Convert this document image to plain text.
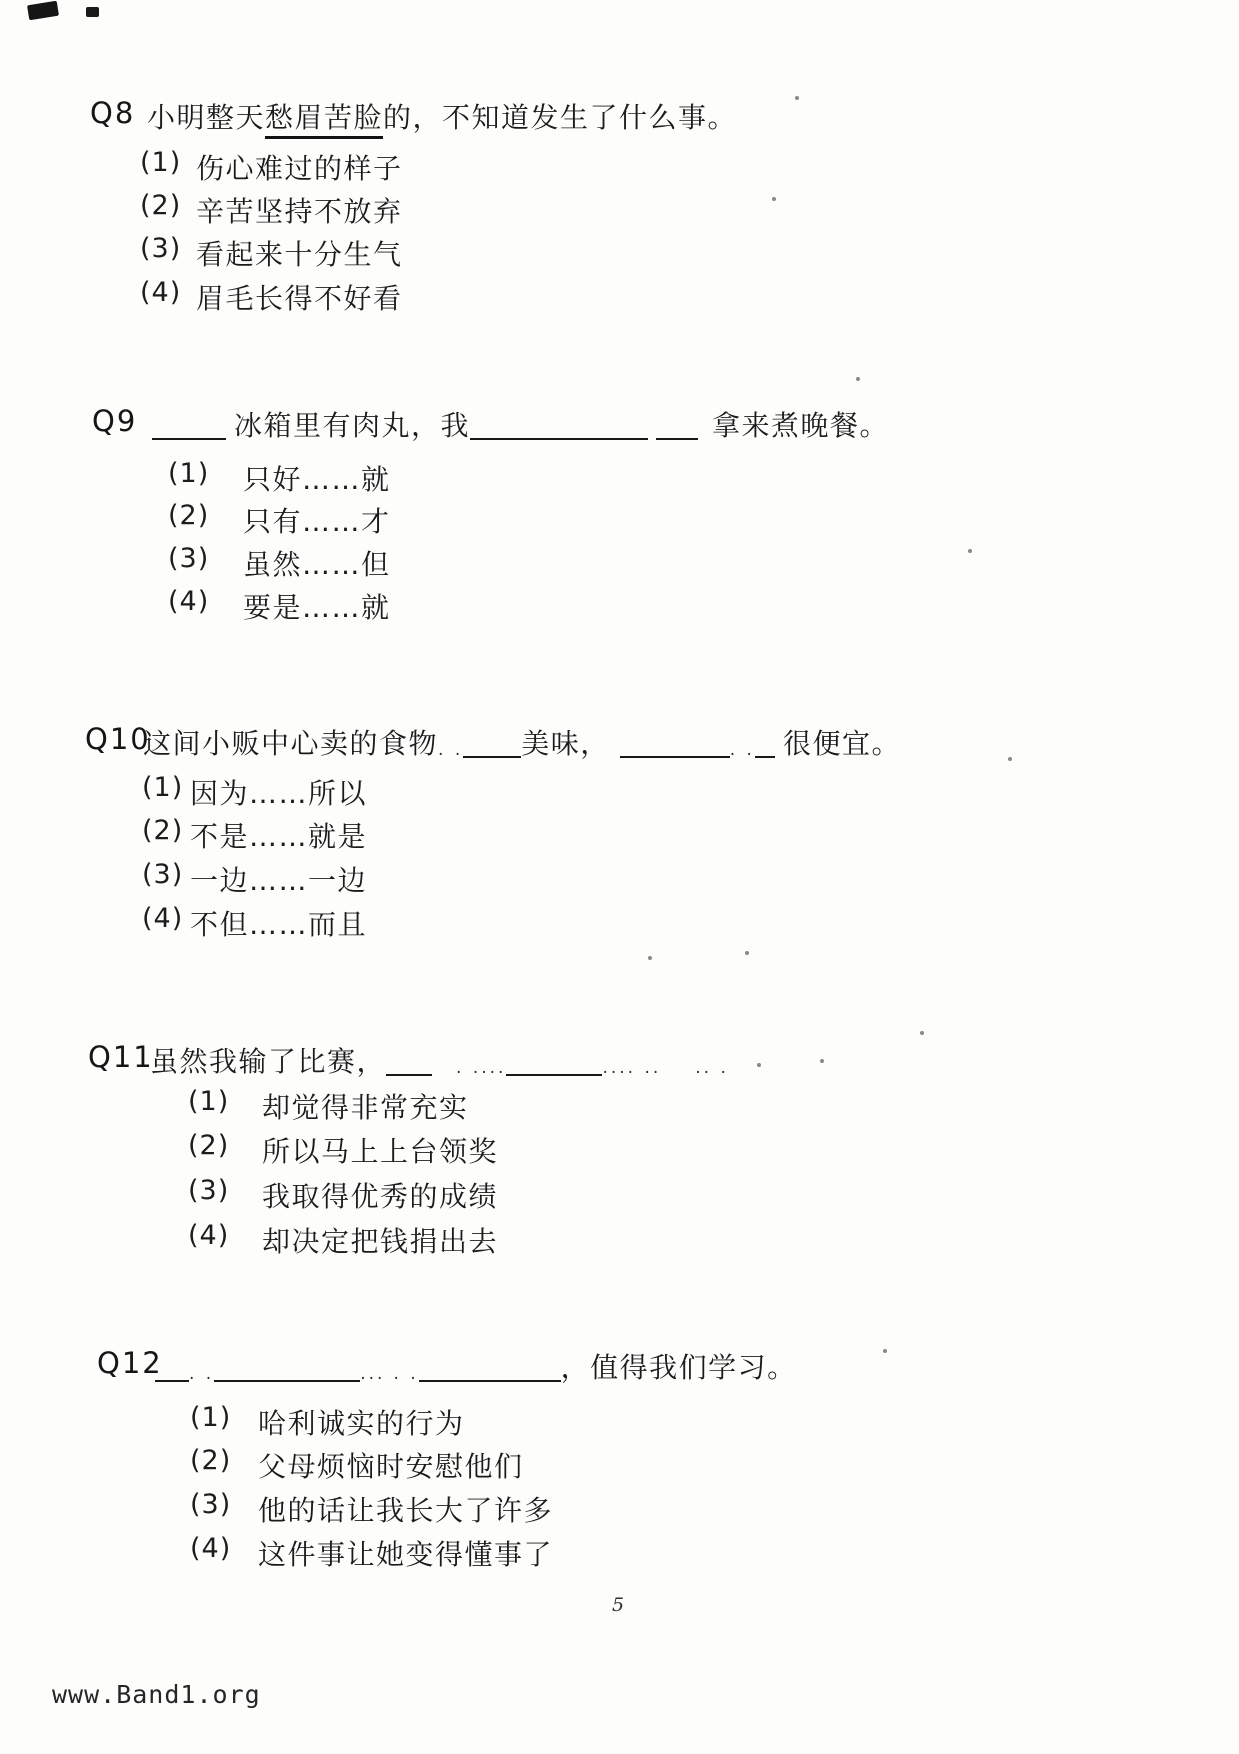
Q8 小明整天愁眉苦脸的，不知道发生了什么事。
(1) 伤心难过的样子
(2) 辛苦坚持不放弃
(3) 看起来十分生气
(4) 眉毛长得不好看
Q9	冰箱里有肉丸，我	拿来煮晚餐。
(1) 只好……就
(2) 只有……才
(3) 虽然……但
(4) 要是……就
Q10
这间小贩中心卖的食物. . 美味，	. . 很便宜。
(1) 因为……所以
(2) 不是……就是
(3) 一边……一边
(4) 不但……而且
Q11
虽然我输了比赛，	. ....	.... .. .. .
(1) 却觉得非常充实
(2) 所以马上上台领奖
(3) 我取得优秀的成绩
(4) 却决定把钱捐出去
Q12	. .	.... .	，值得我们学习。
(1) 哈利诚实的行为
(2) 父母烦恼时安慰他们
(3) 他的话让我长大了许多
(4) 这件事让她变得懂事了
5
www.Band1.org
